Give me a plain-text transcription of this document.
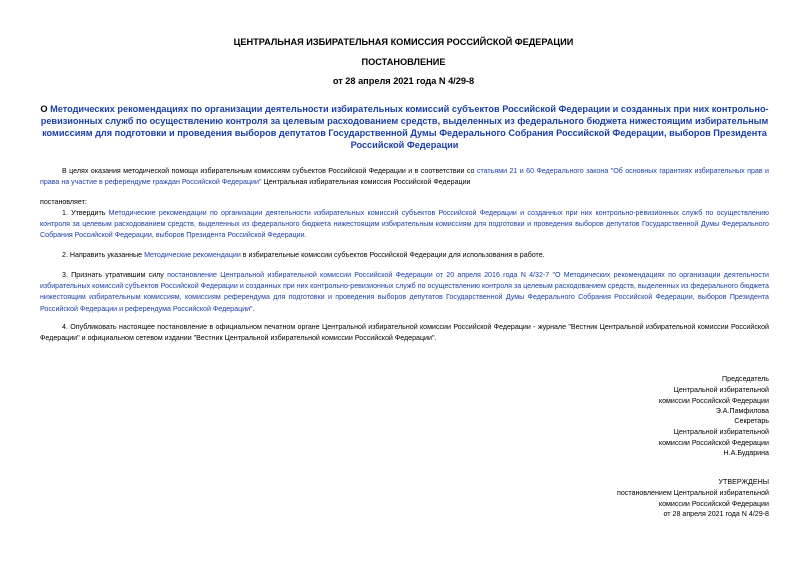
ЦЕНТРАЛЬНАЯ ИЗБИРАТЕЛЬНАЯ КОМИССИЯ РОССИЙСКОЙ ФЕДЕРАЦИИ
ПОСТАНОВЛЕНИЕ
от 28 апреля 2021 года N 4/29-8
О Методических рекомендациях по организации деятельности избирательных комиссий субъектов Российской Федерации и созданных при них контрольно-ревизионных служб по осуществлению контроля за целевым расходованием средств, выделенных из федерального бюджета нижестоящим избирательным комиссиям для подготовки и проведения выборов депутатов Государственной Думы Федерального Собрания Российской Федерации, выборов Президента Российской Федерации
В целях оказания методической помощи избирательным комиссиям субъектов Российской Федерации и в соответствии со статьями 21 и 60 Федерального закона "Об основных гарантиях избирательных прав и права на участие в референдуме граждан Российской Федерации" Центральная избирательная комиссия Российской Федерации
постановляет:
1. Утвердить Методические рекомендации по организации деятельности избирательных комиссий субъектов Российской Федерации и созданных при них контрольно-ревизионных служб по осуществлению контроля за целевым расходованием средств, выделенных из федерального бюджета нижестоящим избирательным комиссиям для подготовки и проведения выборов депутатов Государственной Думы Федерального Собрания Российской Федерации, выборов Президента Российской Федерации.
2. Направить указанные Методические рекомендации в избирательные комиссии субъектов Российской Федерации для использования в работе.
3. Признать утратившим силу постановление Центральной избирательной комиссии Российской Федерации от 20 апреля 2016 года N 4/32-7 "О Методических рекомендациях по организации деятельности избирательных комиссий субъектов Российской Федерации и созданных при них контрольно-ревизионных служб по осуществлению контроля за целевым расходованием средств, выделенных из федерального бюджета нижестоящим избирательным комиссиям, комиссиям референдума для подготовки и проведения выборов депутатов Государственной Думы Федерального Собрания Российской Федерации, выборов Президента Российской Федерации и референдума Российской Федерации".
4. Опубликовать настоящее постановление в официальном печатном органе Центральной избирательной комиссии Российской Федерации - журнале "Вестник Центральной избирательной комиссии Российской Федерации" и официальном сетевом издании "Вестник Центральной избирательной комиссии Российской Федерации".
Председатель
Центральной избирательной
комиссии Российской Федерации
Э.А.Памфилова
Секретарь
Центральной избирательной
комиссии Российской Федерации
Н.А.Бударина
УТВЕРЖДЕНЫ
постановлением Центральной избирательной
комиссии Российской Федерации
от 28 апреля 2021 года N 4/29-8
